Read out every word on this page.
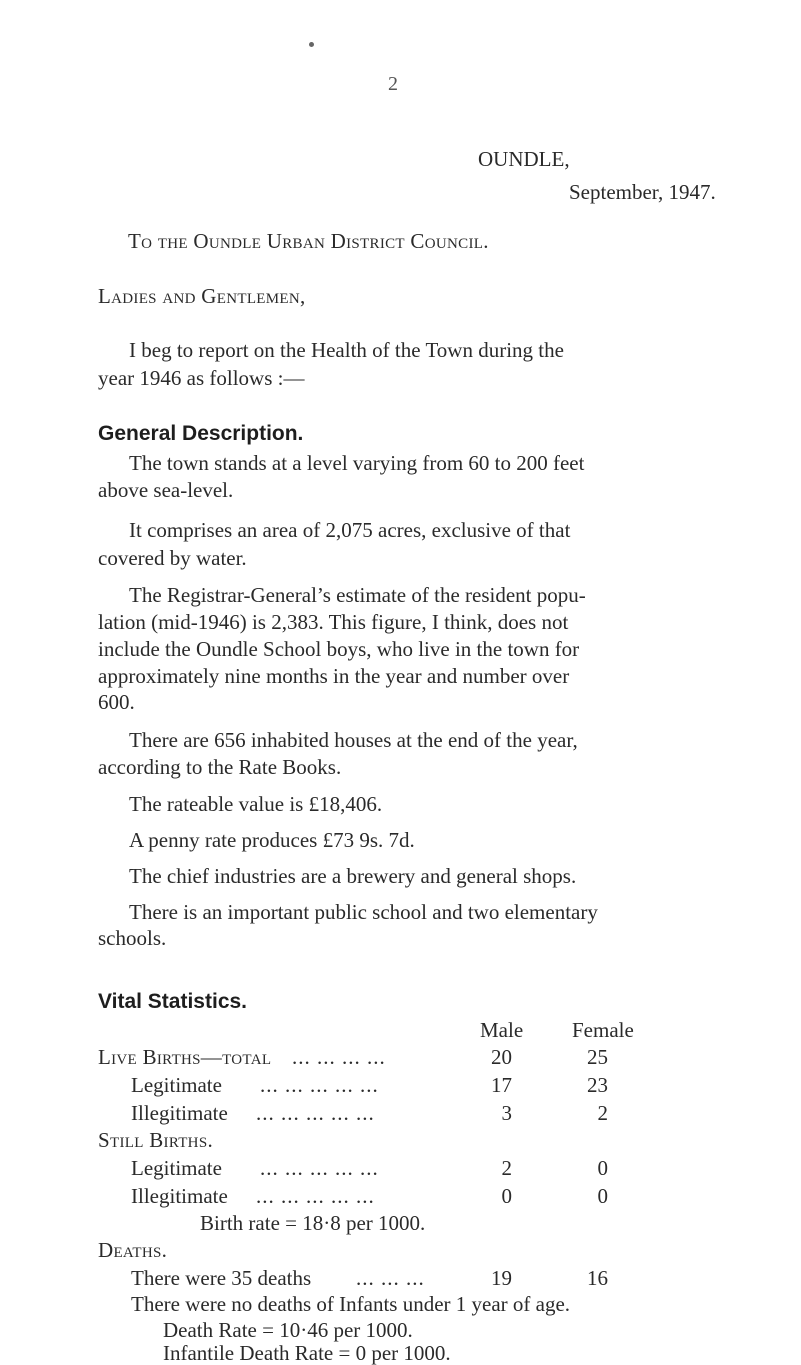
2
OUNDLE,
September, 1947.
To the Oundle Urban District Council.
Ladies and Gentlemen,
I beg to report on the Health of the Town during the
year 1946 as follows :—
General Description.
The town stands at a level varying from 60 to 200 feet
above sea-level.
It comprises an area of 2,075 acres, exclusive of that
covered by water.
The Registrar-General’s estimate of the resident popu-
lation (mid-1946) is 2,383. This figure, I think, does not
include the Oundle School boys, who live in the town for
approximately nine months in the year and number over
600.
There are 656 inhabited houses at the end of the year,
according to the Rate Books.
The rateable value is £18,406.
A penny rate produces £73 9s. 7d.
The chief industries are a brewery and general shops.
There is an important public school and two elementary
schools.
Vital Statistics.
Male Female
Live Births—total ... ... ... ...	20	25
Legitimate ... ... ... ... ...	17	23
Illegitimate ... ... ... ... ...	3	2
Still Births.
Legitimate ... ... ... ... ...	2	0
Illegitimate ... ... ... ... ...	0	0
Birth rate = 18·8 per 1000.
Deaths.
There were 35 deaths ... ... ...	19	16
There were no deaths of Infants under 1 year of age.
Death Rate = 10·46 per 1000.
Infantile Death Rate = 0 per 1000.
